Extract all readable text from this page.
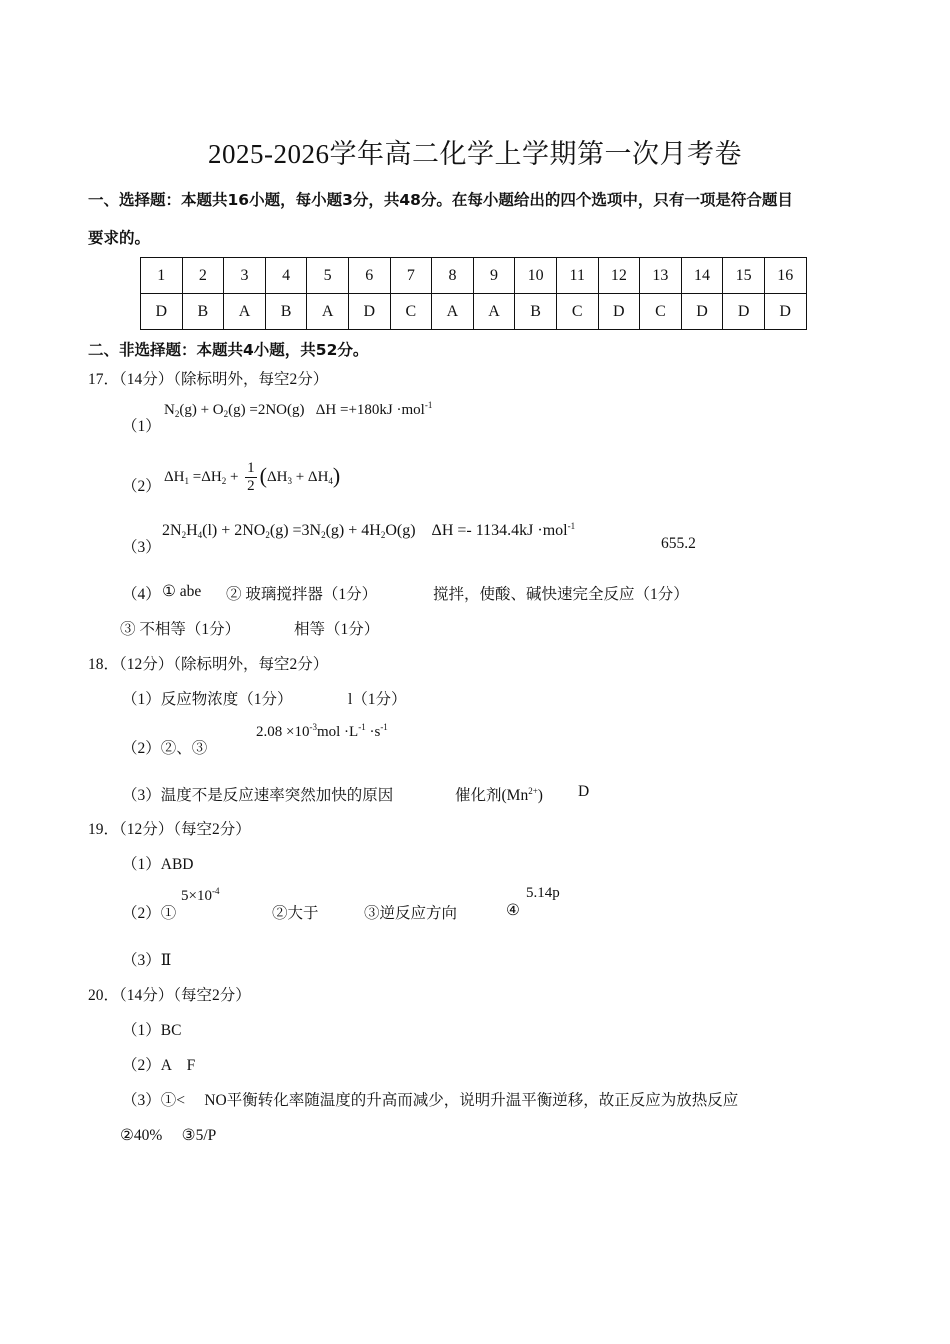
2025-2026学年高二化学上学期第一次月考卷
一、选择题：本题共16小题，每小题3分，共48分。在每小题给出的四个选项中，只有一项是符合题目
要求的。
1	2	3	4	5	6	7	8	9	10	11	12	13	14	15	16
D	B	A	B	A	D	C	A	A	B	C	D	C	D	D	D
二、非选择题：本题共4小题，共52分。
17．（14分）（除标明外，每空2分）
（1）
$N_2(g) + O_2(g) =2NO(g)$ ΔH =+180kJ ·mol$^{-1}$
（2）
$\Delta H_1 =\Delta H_2 + \frac{1}{2} (\Delta H_3 + \Delta H_4)$
（3）
$2N_2H_4(l) + 2NO_2(g) =3N_2(g) + 4H_2O(g) \Delta H =- 1134.4kJ \cdot mol^{-1}$
655.2
（4） ① abe ② 玻璃搅拌器（1分）	搅拌，使酸、碱快速完全反应（1分）
③ 不相等（1分）	相等（1分）
18．（12分）（除标明外，每空2分）
（1）反应物浓度（1分）	l（1分）
（2）②、③
$2.08 \times 10^{-3}mol \cdot L^{-1} \cdot s^{-1}$
（3）温度不是反应速率突然加快的原因	催化剂$(Mn^{2+})$ D
19．（12分）（每空2分）
（1）ABD
（2）①
$5\times 10^{-4}$
②大于	③逆反应方向	④
5.14p
（3）Ⅱ
20．（14分）（每空2分）
（1）BC
（2）A　F
（3）①<　 NO平衡转化率随温度的升高而减少，说明升温平衡逆移，故正反应为放热反应
②40%　 ③5/P
